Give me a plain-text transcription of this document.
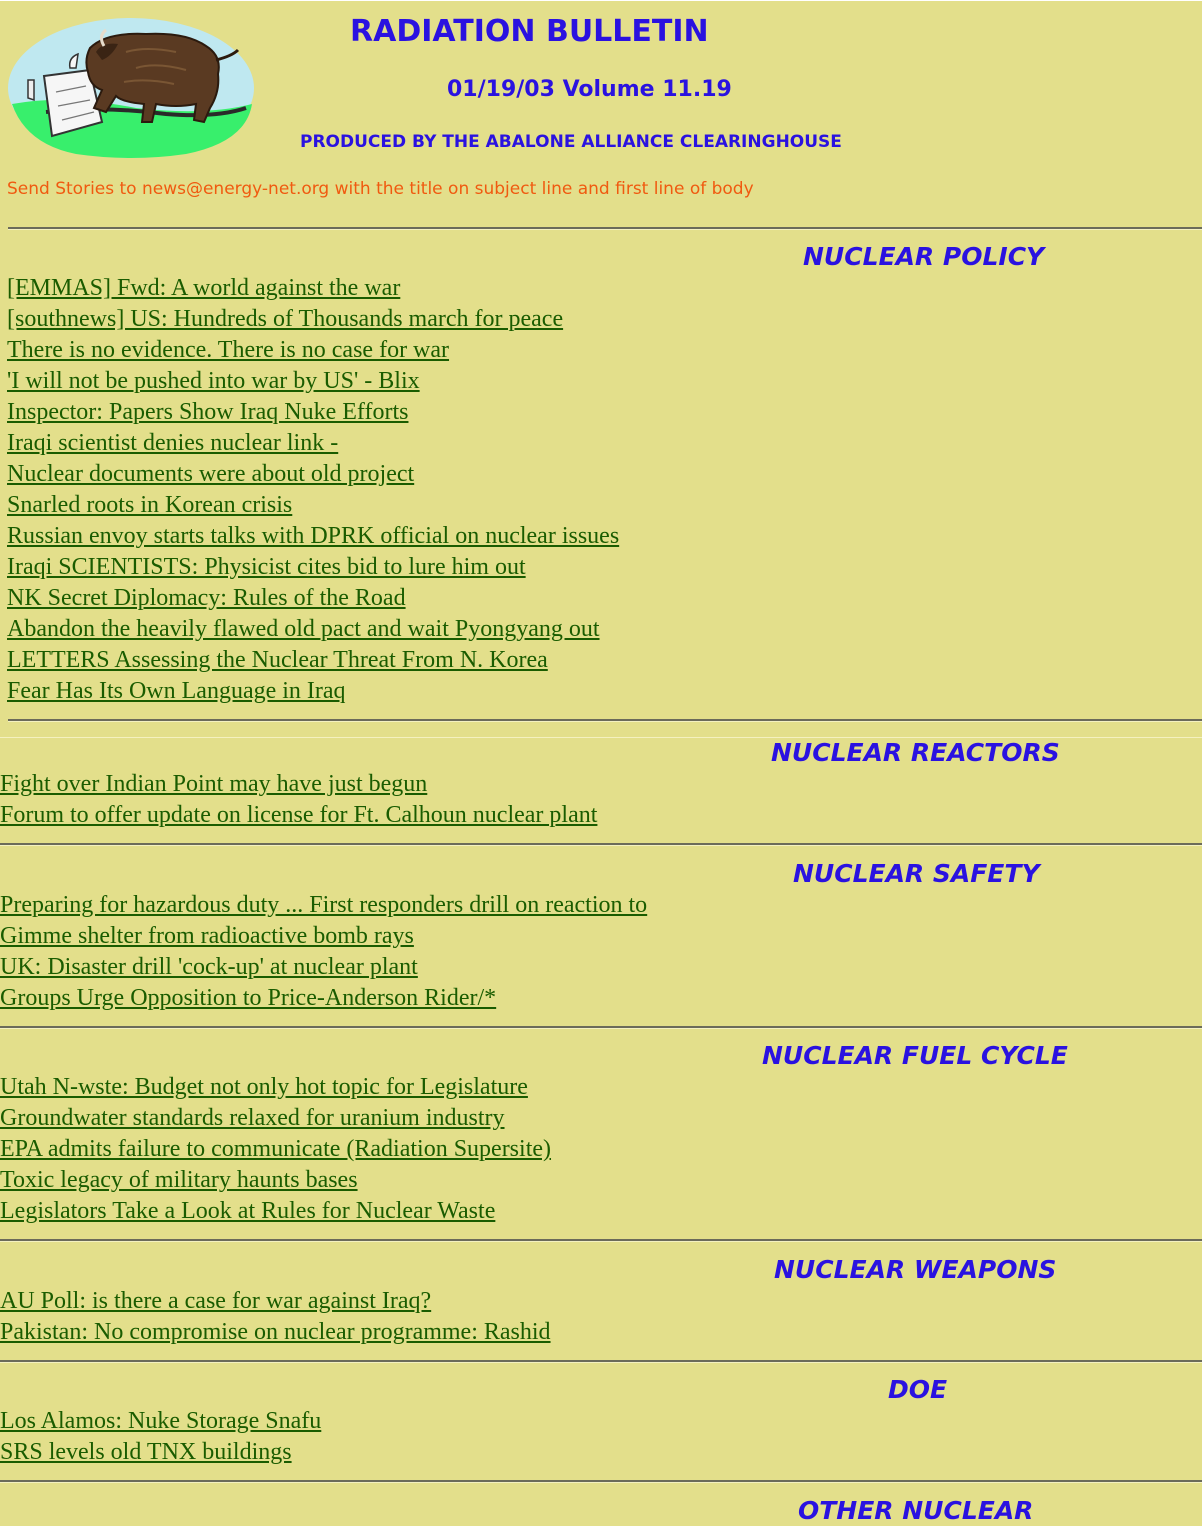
RADIATION BULLETIN
01/19/03 Volume 11.19
PRODUCED BY THE ABALONE ALLIANCE CLEARINGHOUSE

Send Stories to news@energy-net.org with the title on subject line and first line of body

NUCLEAR POLICY
[EMMAS] Fwd: A world against the war
[southnews] US: Hundreds of Thousands march for peace
There is no evidence. There is no case for war
'I will not be pushed into war by US' - Blix
Inspector: Papers Show Iraq Nuke Efforts
Iraqi scientist denies nuclear link -
Nuclear documents were about old project
Snarled roots in Korean crisis
Russian envoy starts talks with DPRK official on nuclear issues
Iraqi SCIENTISTS: Physicist cites bid to lure him out
NK Secret Diplomacy: Rules of the Road
Abandon the heavily flawed old pact and wait Pyongyang out
LETTERS Assessing the Nuclear Threat From N. Korea
Fear Has Its Own Language in Iraq
NUCLEAR REACTORS
Fight over Indian Point may have just begun
Forum to offer update on license for Ft. Calhoun nuclear plant
NUCLEAR SAFETY
Preparing for hazardous duty ... First responders drill on reaction to
Gimme shelter from radioactive bomb rays
UK: Disaster drill 'cock-up' at nuclear plant
Groups Urge Opposition to Price-Anderson Rider/*
NUCLEAR FUEL CYCLE
Utah N-wste: Budget not only hot topic for Legislature
Groundwater standards relaxed for uranium industry
EPA admits failure to communicate (Radiation Supersite)
Toxic legacy of military haunts bases
Legislators Take a Look at Rules for Nuclear Waste
NUCLEAR WEAPONS
AU Poll: is there a case for war against Iraq?
Pakistan: No compromise on nuclear programme: Rashid
DOE
Los Alamos: Nuke Storage Snafu
SRS levels old TNX buildings
OTHER NUCLEAR
